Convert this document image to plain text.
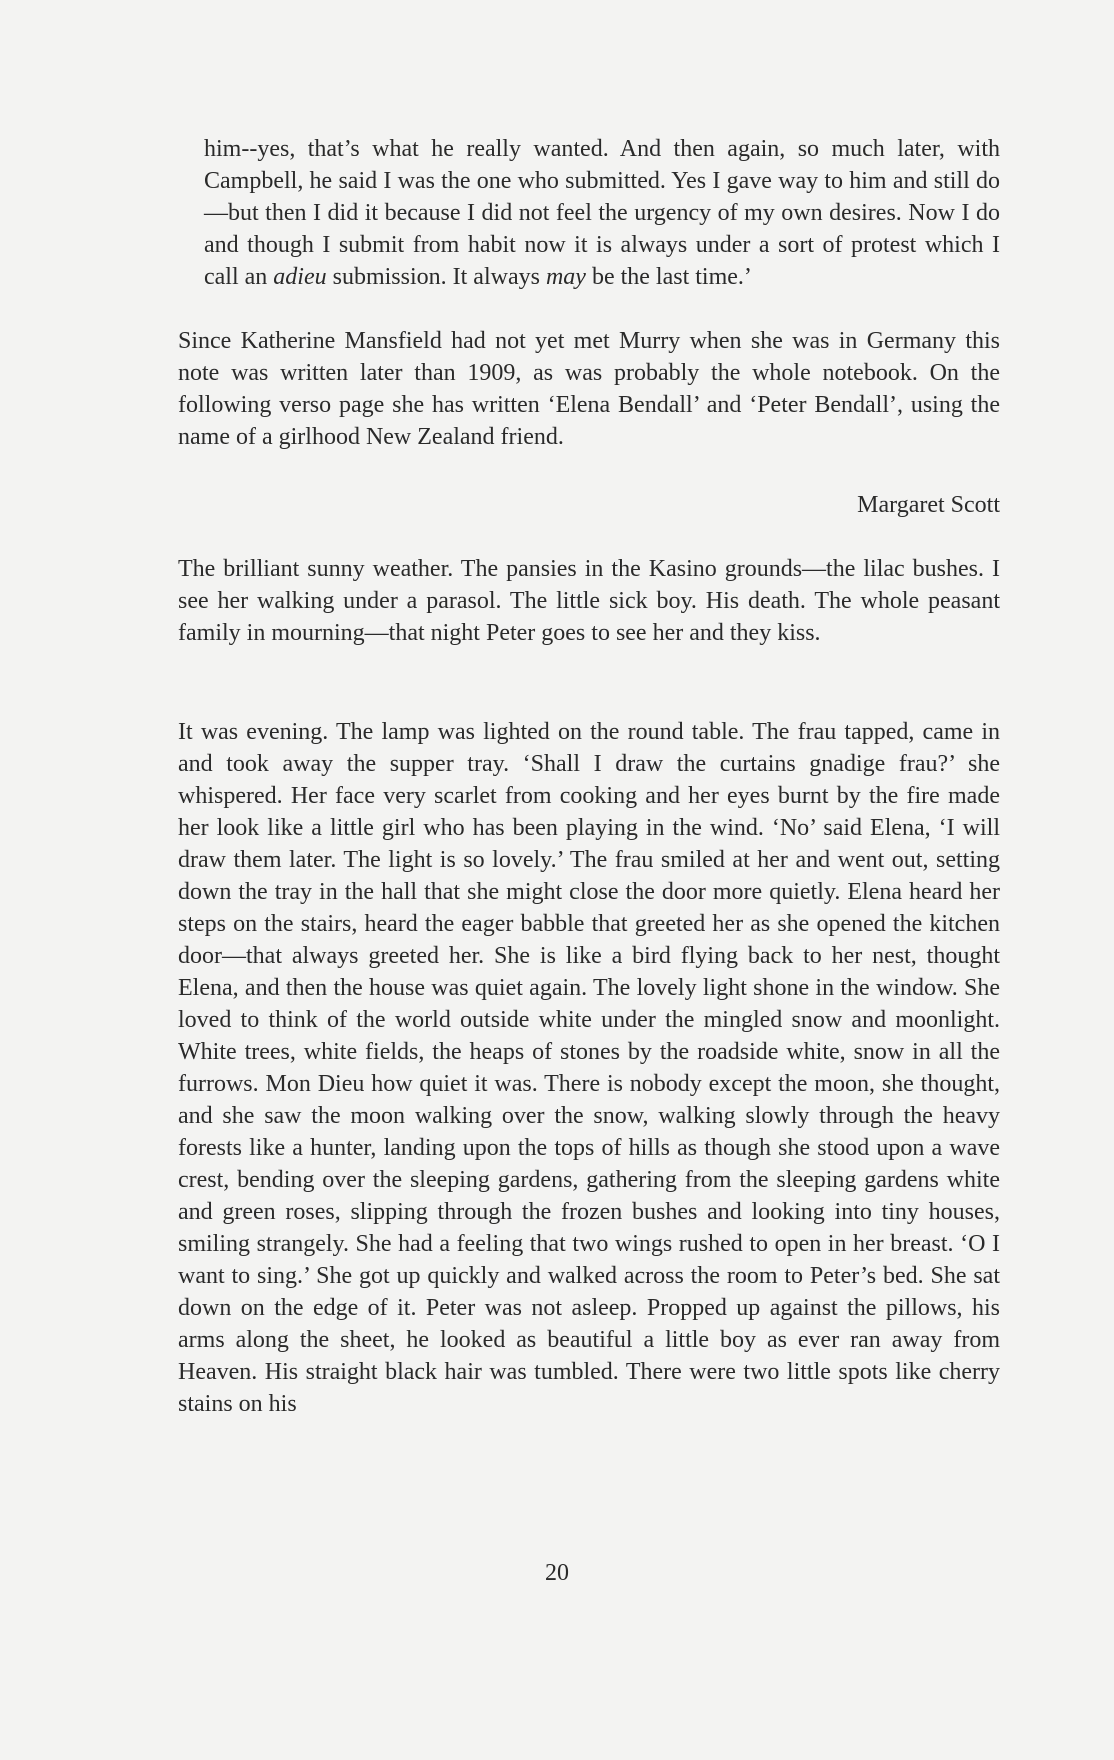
him--yes, that’s what he really wanted. And then again, so much later, with Campbell, he said I was the one who submitted. Yes I gave way to him and still do—but then I did it because I did not feel the urgency of my own desires. Now I do and though I submit from habit now it is always under a sort of protest which I call an adieu submission. It always may be the last time.’

Since Katherine Mansfield had not yet met Murry when she was in Germany this note was written later than 1909, as was probably the whole notebook. On the following verso page she has written ‘Elena Bendall’ and ‘Peter Bendall’, using the name of a girlhood New Zealand friend.

Margaret Scott

The brilliant sunny weather. The pansies in the Kasino grounds—the lilac bushes. I see her walking under a parasol. The little sick boy. His death. The whole peasant family in mourning—that night Peter goes to see her and they kiss.

It was evening. The lamp was lighted on the round table. The frau tapped, came in and took away the supper tray. ‘Shall I draw the curtains gnadige frau?’ she whispered. Her face very scarlet from cooking and her eyes burnt by the fire made her look like a little girl who has been playing in the wind. ‘No’ said Elena, ‘I will draw them later. The light is so lovely.’ The frau smiled at her and went out, setting down the tray in the hall that she might close the door more quietly. Elena heard her steps on the stairs, heard the eager babble that greeted her as she opened the kitchen door—that always greeted her. She is like a bird flying back to her nest, thought Elena, and then the house was quiet again. The lovely light shone in the window. She loved to think of the world outside white under the mingled snow and moonlight. White trees, white fields, the heaps of stones by the roadside white, snow in all the furrows. Mon Dieu how quiet it was. There is nobody except the moon, she thought, and she saw the moon walking over the snow, walking slowly through the heavy forests like a hunter, landing upon the tops of hills as though she stood upon a wave crest, bending over the sleeping gardens, gathering from the sleeping gardens white and green roses, slipping through the frozen bushes and looking into tiny houses, smiling strangely. She had a feeling that two wings rushed to open in her breast. ‘O I want to sing.’ She got up quickly and walked across the room to Peter’s bed. She sat down on the edge of it. Peter was not asleep. Propped up against the pillows, his arms along the sheet, he looked as beautiful a little boy as ever ran away from Heaven. His straight black hair was tumbled. There were two little spots like cherry stains on his

20
